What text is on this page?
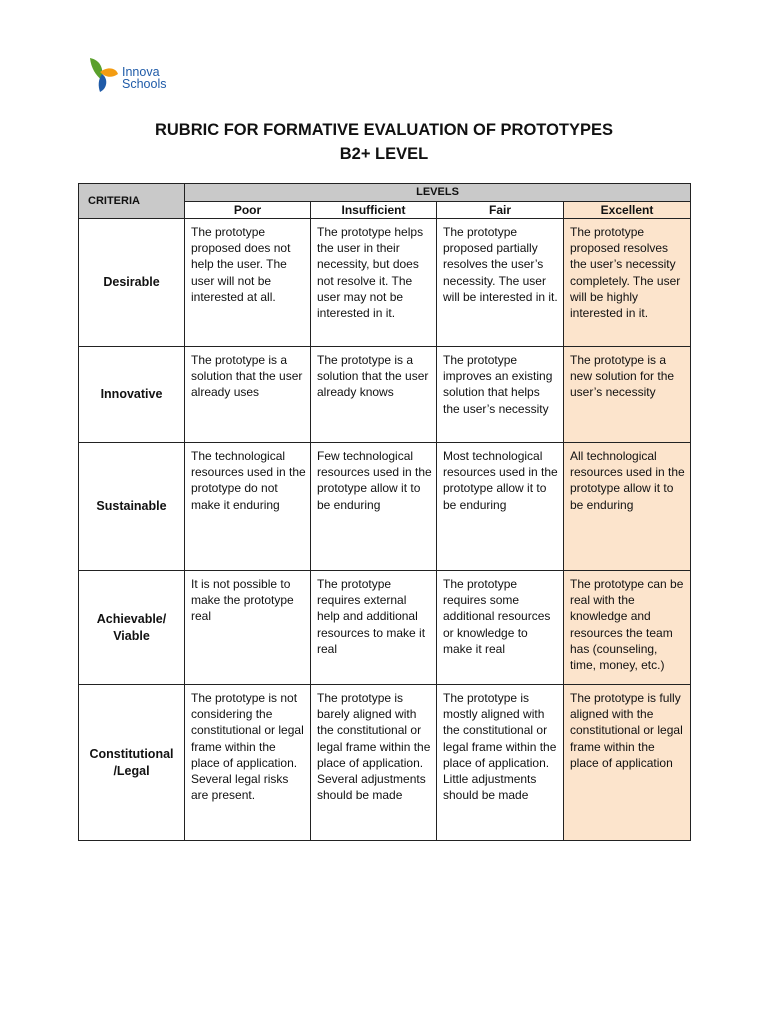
Innova
Schools
RUBRIC FOR FORMATIVE EVALUATION OF PROTOTYPES
B2+ LEVEL
CRITERIA	LEVELS			
	Poor	Insufficient	Fair	Excellent
Desirable	The prototype proposed does not help the user. The user will not be interested at all.	The prototype helps the user in their necessity, but does not resolve it. The user may not be interested in it.	The prototype proposed partially resolves the user’s necessity. The user will be interested in it.	The prototype proposed resolves the user’s necessity completely. The user will be highly interested in it.
Innovative	The prototype is a solution that the user already uses	The prototype is a solution that the user already knows	The prototype improves an existing solution that helps the user’s necessity	The prototype is a new solution for the user’s necessity
Sustainable	The technological resources used in the prototype do not make it enduring	Few technological resources used in the prototype allow it to be enduring	Most technological resources used in the prototype allow it to be enduring	All technological resources used in the prototype allow it to be enduring
Achievable/ Viable	It is not possible to make the prototype real	The prototype requires external help and additional resources to make it real	The prototype requires some additional resources or knowledge to make it real	The prototype can be real with the knowledge and resources the team has (counseling, time, money, etc.)
Constitutional /Legal	The prototype is not considering the constitutional or legal frame within the place of application. Several legal risks are present.	The prototype is barely aligned with the constitutional or legal frame within the place of application. Several adjustments should be made	The prototype is mostly aligned with the constitutional or legal frame within the place of application. Little adjustments should be made	The prototype is fully aligned with the constitutional or legal frame within the place of application
